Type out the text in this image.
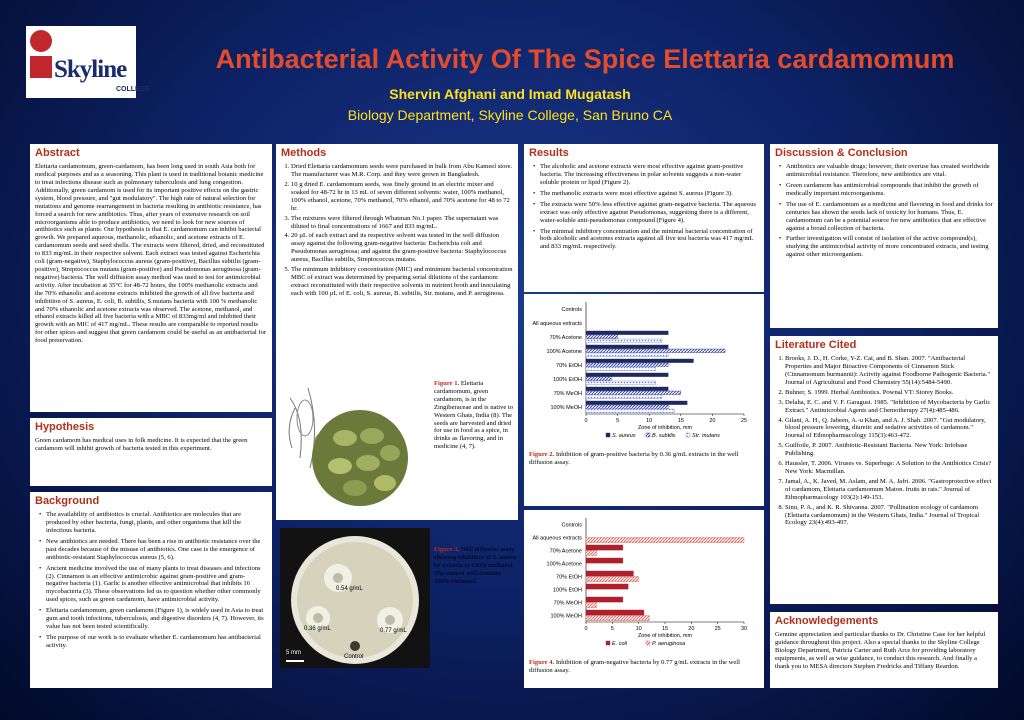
Skyline
COLLEGE
Antibacterial Activity Of The Spice Elettaria cardamomum
Shervin Afghani and Imad Mugatash
Biology Department, Skyline College, San Bruno CA
Abstract

Elettaria cardamomum, green-cardamom, has been long used in south Asia both for medical purposes and as a seasoning. This plant is used in traditional botanic medicine to treat infections disease such as pulmonary tuberculosis and lung congestion. Additionally, green cardamom is used for its important positive effects on the gastric system, blood pressure, and "gut modulatory". The high rate of natural selection for mutations and genome rearrangement in bacteria resulting in antibiotic resistance, has forced a search for new antibiotics. Thus, after years of extensive research on soil microorganisms able to produce antibiotics, we need to look for new sources of antibiotics such as plants. Our hypothesis is that E. cardamomum can inhibit bacterial growth. We prepared aqueous, methanolic, ethanolic, and acetone extracts of E. cardamomum seeds and seed shells. The extracts were filtered, dried, and reconstituted to 833 mg/mL in their respective solvent. Each extract was tested against Escherichia coli (gram-negative), Staphylococcus aureus (gram-positive), Bacillus subtilis (gram-positive), Streptococcus mutans (gram-positive) and Pseudomonas aeruginosa (gram-negative) bacteria. The well diffusion assay method was used to test for antimicrobial activity. After incubation at 35°C for 48-72 hours, the 100% methanolic extracts and the 70% ethanolic and acetone extracts inhibited the growth of all five bacteria and inhibition of S. aureus, E. coli, B. subtilis, S.mutans bacteria with 100 % methanolic and 70% ethanolic and acetone extracts was observed. The acetone, methanol, and ethanol extracts killed all five bacteria with a MBC of 833mg/ml and inhibited their growth with an MIC of 417 mg/mL. These results are comparable to reported results for other spices and suggest that green cardamom could be useful as an antibacterial for food preservation.

Hypothesis

Green cardamom has medical uses in folk medicine. It is expected that the green cardamom will inhibit growth of bacteria tested in this experiment.

Background
• The availability of antibiotics is crucial. Antibiotics are molecules that are produced by other bacteria, fungi, plants, and other organisms that kill the infectious bacteria.
• New antibiotics are needed. There has been a rise in antibiotic resistance over the past decades because of the misuse of antibiotics. One case is the emergence of antibiotic-resistant Staphylococcus aureus (5, 6).
• Ancient medicine involved the use of many plants to treat diseases and infections (2). Cinnamon is an effective antimicrobic against gram-positive and gram-negative bacteria (1). Garlic is another effective antimicrobial that inhibits 16 mycobacteria (3). These observations led us to question whether other commonly used spices, such as green cardamom, have antimicrobial activity.
• Elettaria cardamomum, green cardamom (Figure 1), is widely used in Asia to treat gum and tooth infections, tuberculosis, and digestive disorders (4, 7). However, its value has not been tested scientifically.
• The purpose of our work is to evaluate whether E. cardamomum has antibacterial activity.
Methods
1. Dried Elettaria cardamomum seeds were purchased in bulk from Abu Kameel store. The manufacturer was M.R. Corp. and they were grown in Bangladesh.
2. 10 g dried E. cardamomum seeds, was finely ground in an electric mixer and soaked for 48-72 hr in 13 mL of seven different solvents: water, 100% methanol, 100% ethanol, acetone, 70% methanol, 70% ethanol, and 70% acetone for 48 to 72 hr.
3. The mixtures were filtered through Whatman No.1 paper. The supernatant was diluted to final concentrations of 1667 and 833 mg/mL.
4. 20 µL of each extract and its respective solvent was tested in the well diffusion assay against the following gram-negative bacteria: Escherichia coli and Pseudomonas aeruginosa; and against the gram-positive bacteria: Staphylococcus aureus, Bacillus subtilis, Streptococcus mutans.
5. The minimum inhibitory concentration (MIC) and minimum bacterial concentration MBC of extract was determined by preparing serial dilutions of the cardamom extract reconstituted with their respective solvents in nutrient broth and inoculating each with 100 µL of E. coli, S. aureus, B. subtilis, Str. mutans, and P. aeruginosa.
Figure 1. Elettaria cardamomum, green cardamom, is in the Zingiberaceae and is native to Western Ghats, India (8). The seeds are harvested and dried for use in food as a spice, in drinks as flavoring, and in medicine (4, 7).
0.54 g/mL
0.36 g/mL	0.77 g/mL
Control
5 mm
Figure 3. Well diffusion assay showing inhibition of S. aureus by extracts in 100% methanol. The control well contains 100% methanol.
Results
• The alcoholic and acetone extracts were most effective against gram-positive bacteria. The increasing effectiveness in polar solvents suggests a non-water soluble protein or lipid (Figure 2).
• The methanolic extracts were most effective against S. aureus (Figure 3).
• The extracts were 50% less effective against gram-negative bacteria. The aqueous extract was only effective against Pseudomonas, suggesting there is a different, water-soluble anti-pseudomonas compound (Figure 4).
• The minimal inhibitory concentration and the minimal bacterial concentration of both alcoholic and acetones extracts against all five test bacteria was 417 mg/mL and 833 mg/mL respectively.
Controls
All aqueous extracts
70% Acetone
100% Acetone
70% EtOH
100% EtOH
70% MeOH
100% MeOH
0	5	10	15	20	25
Zone of inhibition, mm
S. aureus	B. subtilis	Str. mutans

Figure 2. Inhibition of gram-positive bacteria by 0.36 g/mL extracts in the well diffusion assay.

Controls
All aqueous extracts
70% Acetone
100% Acetone
70% EtOH
100% EtOH
70% MeOH
100% MeOH
0	5	10	15	20	25	30
Zone of inhibition, mm
E. coli	P. aeruginosa

Figure 4. Inhibition of gram-negative bacteria by 0.77 g/mL extracts in the well diffusion assay.

Discussion & Conclusion
• Antibiotics are valuable drugs; however, their overuse has created worldwide antimicrobial resistance. Therefore, new antibiotics are vital.
• Green cardamom has antimicrobial compounds that inhibit the growth of medically important microorganisms.
• The use of E. cardamomum as a medicine and flavoring in food and drinks for centuries has shown the seeds lack of toxicity for humans. Thus, E. cardamomum can be a potential source for new antibiotics that are effective against a broad collection of bacteria.
• Further investigation will consist of isolation of the active compound(s), studying the antimicrobial activity of more concentrated extracts, and testing against other microorganism.
Literature Cited
1. Brooks, J. D., H. Corke, Y-Z. Cai, and B. Shan. 2007. "Antibacterial Properties and Major Bioactive Components of Cinnamon Stick (Cinnamomum burmannii): Activity against Foodborne Pathogenic Bacteria." Journal of Agricultural and Food Chemistry 55(14):5484-5490.
2. Buhner, S. 1999. Herbal Antibiotics. Pownal VT: Storey Books.
3. Delaha, E. C. and V. F. Garagusi. 1985. "Inhibition of Mycobacteria by Garlic Extract." Antimicrobial Agents and Chemotherapy 27(4):485-486.
4. Gilani, A. H., Q. Jabeen, A.-u Khan, and A. J. Shah. 2007. "Gut modulatory, blood pressure lowering, diuretic and sedative activities of cardamom." Journal of Ethnopharmacology 115(3):463-472.
5. Guilfoile, P. 2007. Antibiotic-Resistant Bacteria. New York: Infobase Publishing.
6. Haussler, T. 2006. Viruses vs. Superbugs: A Solution to the Antibiotics Crisis? New York: Macmillan.
7. Jamal, A., K. Javed, M. Aslam, and M. A. Jafri. 2006. "Gastroprotective effect of cardamom, Elettaria cardamomum Maton. fruits in rats." Journal of Ethnopharmacology 103(2):149-153.
8. Sinu, P. A., and K. R. Shivanna. 2007. "Pollination ecology of cardamom (Elettaria cardamomum) in the Western Ghats, India." Journal of Tropical Ecology 23(4):493-497.
Acknowledgements

Genuine appreciation and particular thanks to Dr. Christine Case for her helpful guidance throughout this project. Also a special thanks to the Skyline College Biology Department, Patricia Carter and Ruth Arce for providing laboratory equipments, as well as wise guidance, to conduct this research. And finally a thank you to MESA directors Stephen Fredricks and Tiffany Reardon.
